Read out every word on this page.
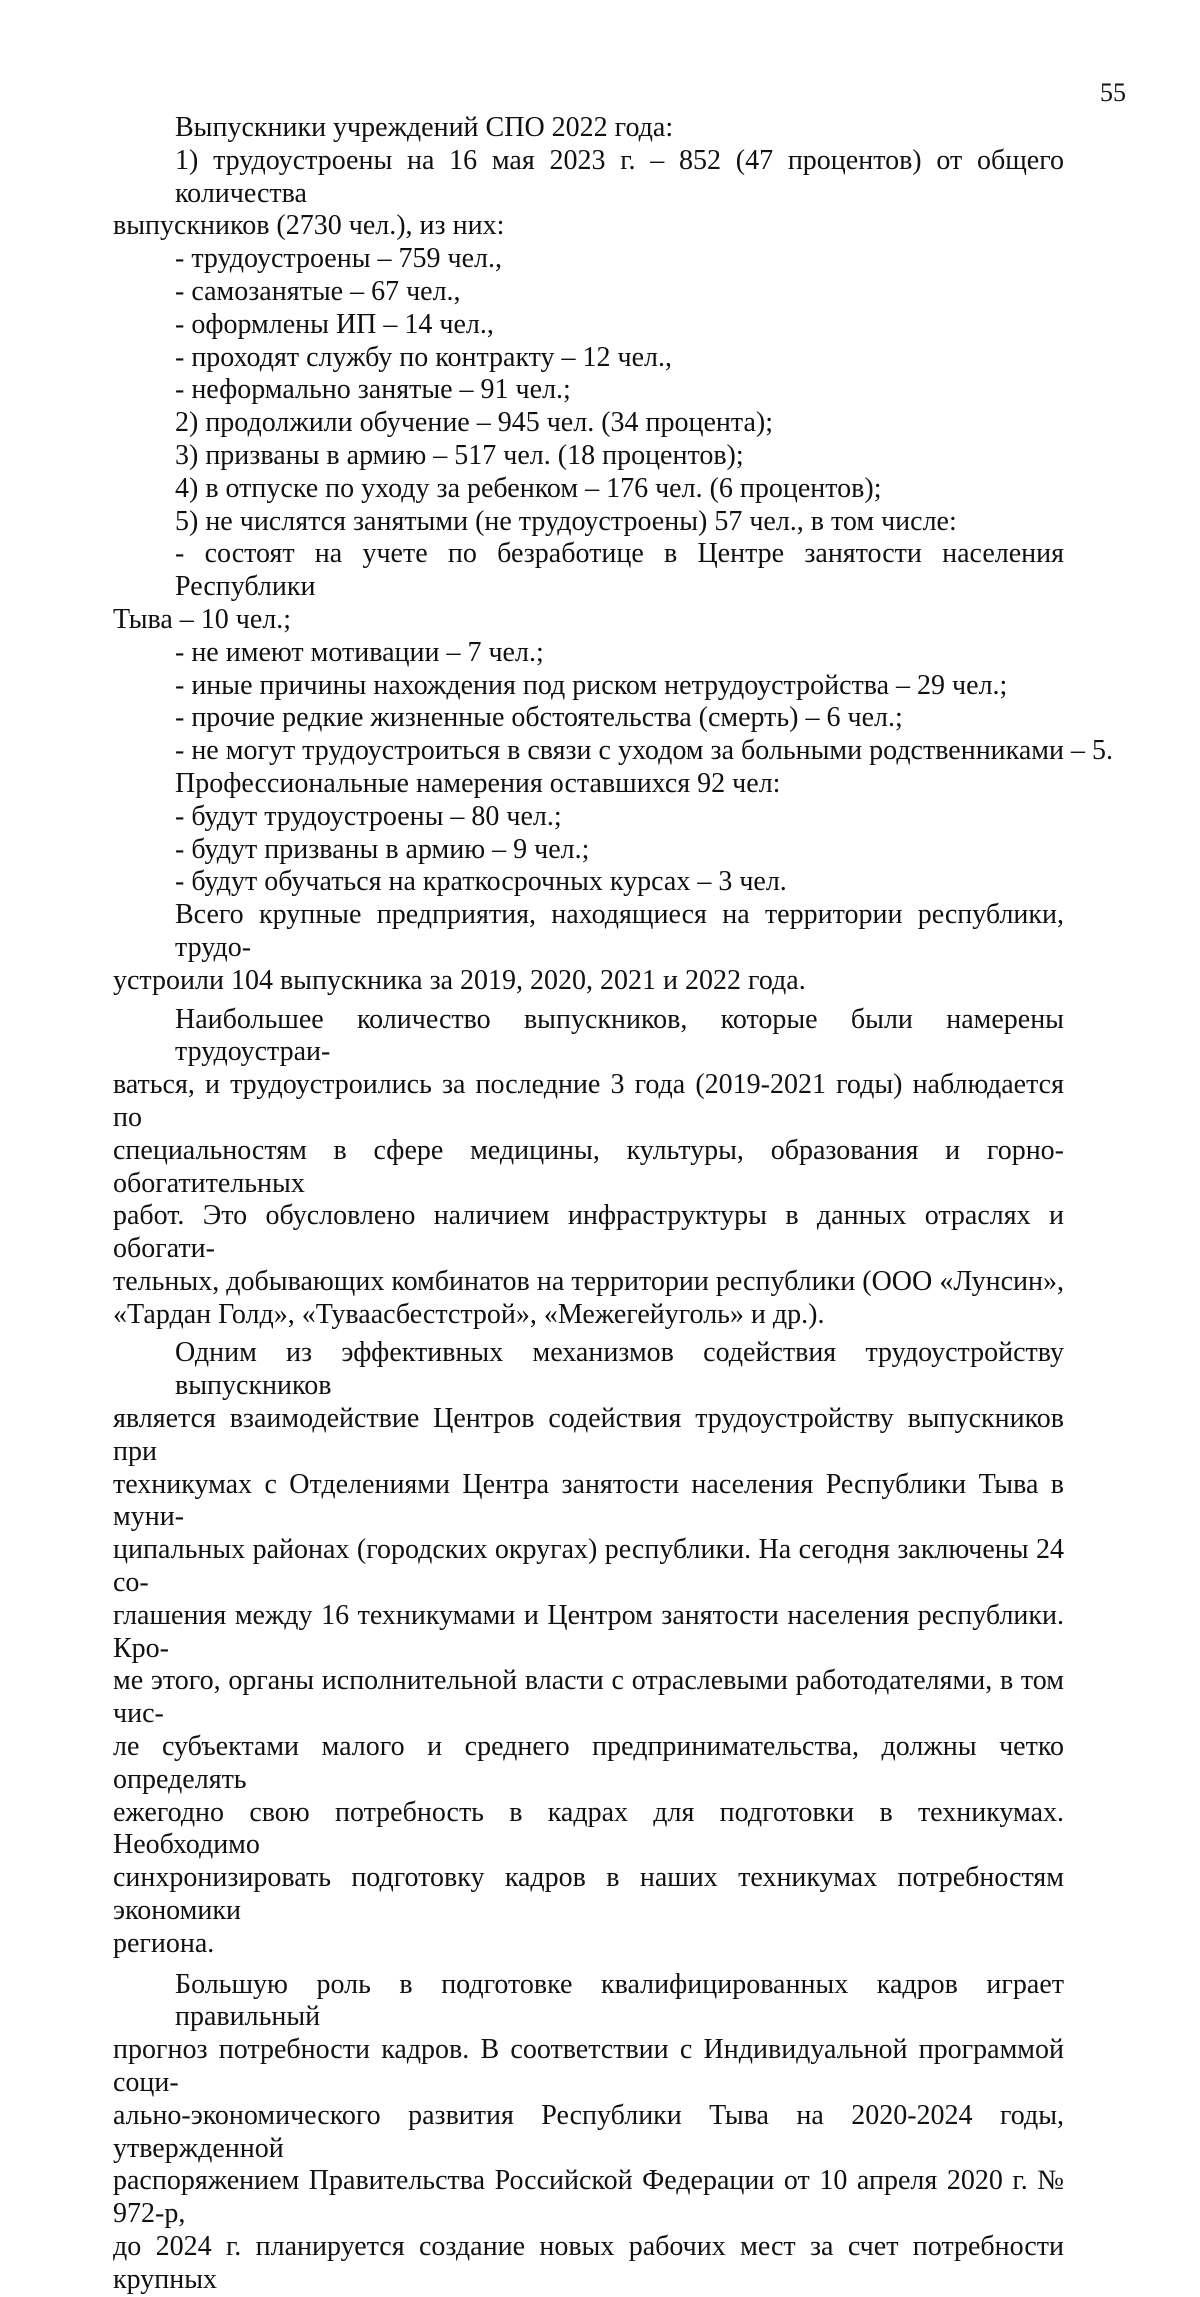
55
Выпускники учреждений СПО 2022 года:
1) трудоустроены на 16 мая 2023 г. – 852 (47 процентов) от общего количества
выпускников (2730 чел.), из них:
- трудоустроены – 759 чел.,
- самозанятые – 67 чел.,
- оформлены ИП – 14 чел.,
- проходят службу по контракту – 12 чел.,
- неформально занятые – 91 чел.;
2) продолжили обучение – 945 чел. (34 процента);
3) призваны в армию – 517 чел. (18 процентов);
4) в отпуске по уходу за ребенком – 176 чел. (6 процентов);
5) не числятся занятыми (не трудоустроены) 57 чел., в том числе:
- состоят на учете по безработице в Центре занятости населения Республики
Тыва – 10 чел.;
- не имеют мотивации – 7 чел.;
- иные причины нахождения под риском нетрудоустройства – 29 чел.;
- прочие редкие жизненные обстоятельства (смерть) – 6 чел.;
- не могут трудоустроиться в связи с уходом за больными родственниками – 5.
Профессиональные намерения оставшихся 92 чел:
- будут трудоустроены – 80 чел.;
- будут призваны в армию – 9 чел.;
- будут обучаться на краткосрочных курсах – 3 чел.
Всего крупные предприятия, находящиеся на территории республики, трудо-
устроили 104 выпускника за 2019, 2020, 2021 и 2022 года.
Наибольшее количество выпускников, которые были намерены трудоустраи-
ваться, и трудоустроились за последние 3 года (2019-2021 годы) наблюдается по
специальностям в сфере медицины, культуры, образования и горно-обогатительных
работ. Это обусловлено наличием инфраструктуры в данных отраслях и обогати-
тельных, добывающих комбинатов на территории республики (ООО «Лунсин»,
«Тардан Голд», «Туваасбестстрой», «Межегейуголь» и др.).
Одним из эффективных механизмов содействия трудоустройству выпускников
является взаимодействие Центров содействия трудоустройству выпускников при
техникумах с Отделениями Центра занятости населения Республики Тыва в муни-
ципальных районах (городских округах) республики. На сегодня заключены 24 со-
глашения между 16 техникумами и Центром занятости населения республики. Кро-
ме этого, органы исполнительной власти с отраслевыми работодателями, в том чис-
ле субъектами малого и среднего предпринимательства, должны четко определять
ежегодно свою потребность в кадрах для подготовки в техникумах. Необходимо
синхронизировать подготовку кадров в наших техникумах потребностям экономики
региона.
Большую роль в подготовке квалифицированных кадров играет правильный
прогноз потребности кадров. В соответствии с Индивидуальной программой соци-
ально-экономического развития Республики Тыва на 2020-2024 годы, утвержденной
распоряжением Правительства Российской Федерации от 10 апреля 2020 г. № 972-р,
до 2024 г. планируется создание новых рабочих мест за счет потребности крупных
